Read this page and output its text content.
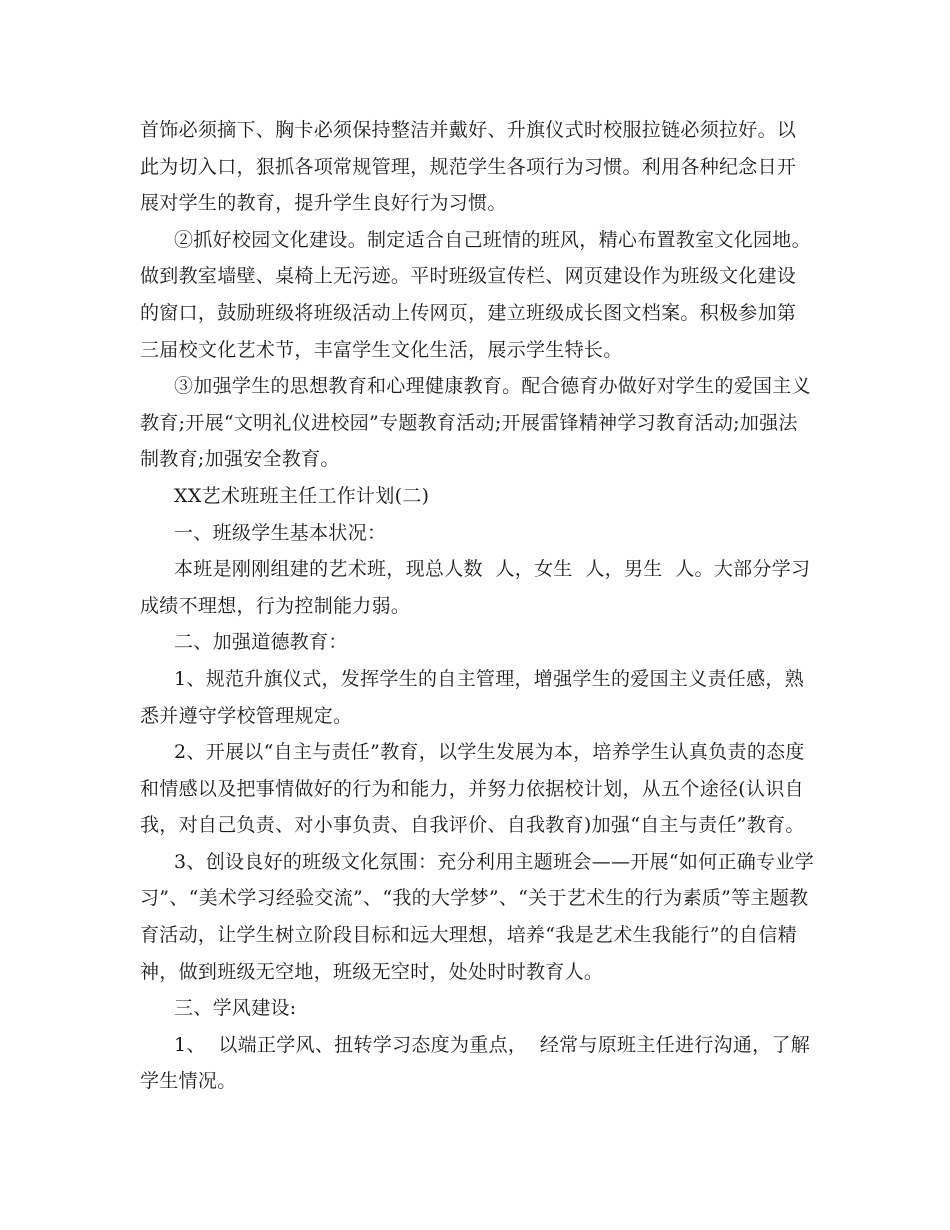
首饰必须摘下、胸卡必须保持整洁并戴好、升旗仪式时校服拉链必须拉好。以此为切入口，狠抓各项常规管理，规范学生各项行为习惯。利用各种纪念日开展对学生的教育，提升学生良好行为习惯。

②抓好校园文化建设。制定适合自己班情的班风，精心布置教室文化园地。做到教室墙壁、桌椅上无污迹。平时班级宣传栏、网页建设作为班级文化建设的窗口，鼓励班级将班级活动上传网页，建立班级成长图文档案。积极参加第三届校文化艺术节，丰富学生文化生活，展示学生特长。

③加强学生的思想教育和心理健康教育。配合德育办做好对学生的爱国主义教育;开展“文明礼仪进校园”专题教育活动;开展雷锋精神学习教育活动;加强法制教育;加强安全教育。

XX艺术班班主任工作计划(二)

一、班级学生基本状况：

本班是刚刚组建的艺术班，现总人数  人，女生  人，男生  人。大部分学习成绩不理想，行为控制能力弱。

二、加强道德教育：

1、规范升旗仪式，发挥学生的自主管理，增强学生的爱国主义责任感，熟悉并遵守学校管理规定。

2、开展以“自主与责任”教育，以学生发展为本，培养学生认真负责的态度和情感以及把事情做好的行为和能力，并努力依据校计划，从五个途径(认识自我，对自己负责、对小事负责、自我评价、自我教育)加强“自主与责任”教育。

3、创设良好的班级文化氛围：充分利用主题班会——开展“如何正确专业学习”、“美术学习经验交流”、“我的大学梦”、“关于艺术生的行为素质”等主题教育活动，让学生树立阶段目标和远大理想，培养“我是艺术生我能行”的自信精神，做到班级无空地，班级无空时，处处时时教育人。

三、学风建设:

1、  以端正学风、扭转学习态度为重点，  经常与原班主任进行沟通，了解学生情况。
